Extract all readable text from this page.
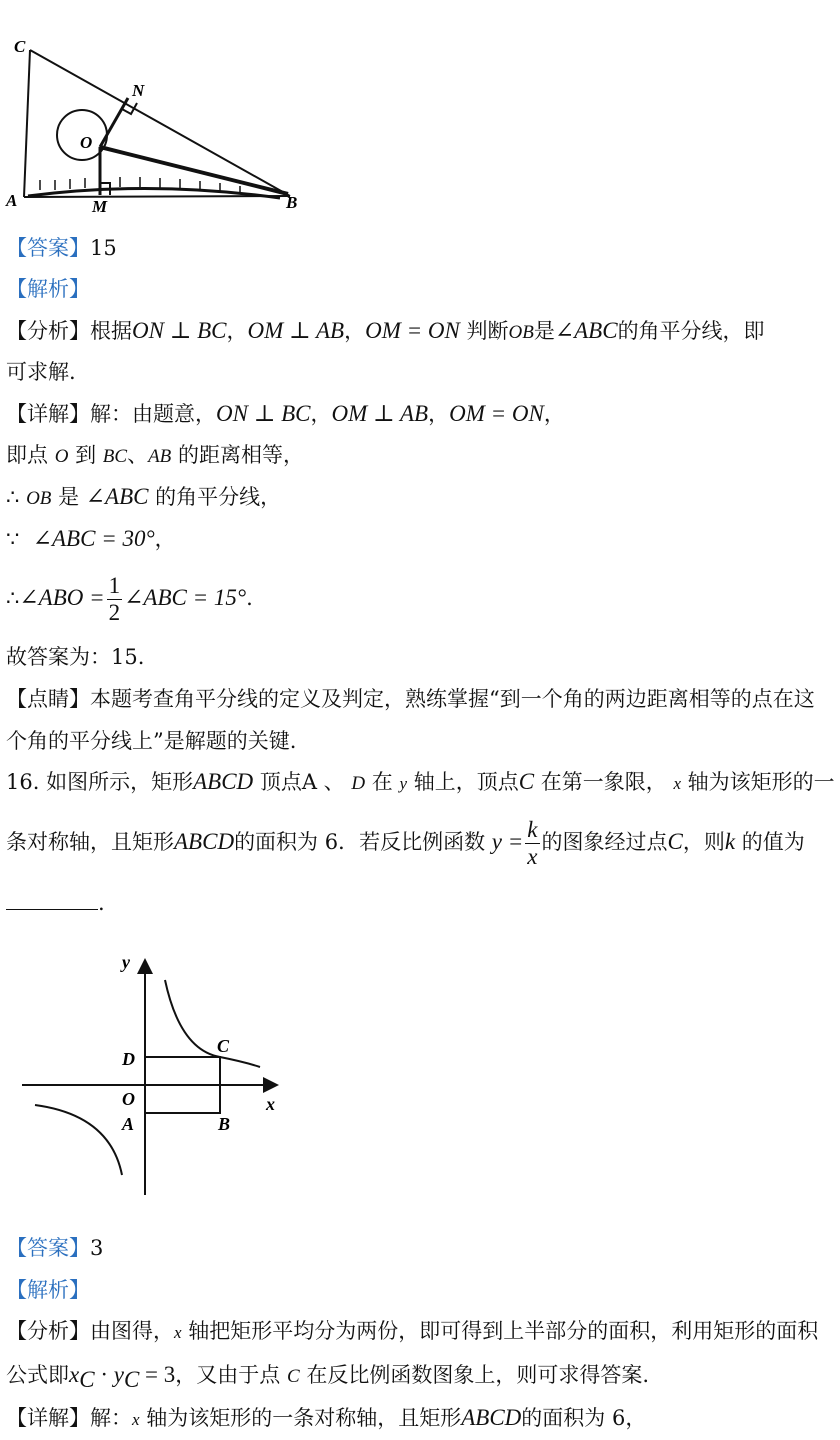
C
N
O
A	M	B
【答案】15
【解析】
【分析】根据ON ⊥ BC，OM ⊥ AB，OM = ON 判断OB是∠ABC的角平分线，即
可求解.
【详解】解：由题意，ON ⊥ BC，OM ⊥ AB，OM = ON，
即点 O 到 BC、AB 的距离相等，
∴ OB 是 ∠ABC 的角平分线，
∵ ∠ABC = 30°，
∴∠ABO = $\frac{1}{2}$ ∠ABC = 15°.
故答案为：15.
【点睛】本题考查角平分线的定义及判定，熟练掌握“到一个角的两边距离相等的点在这
个角的平分线上”是解题的关键.
16. 如图所示，矩形ABCD 顶点A 、 D 在 y 轴上，顶点C 在第一象限， x 轴为该矩形的一
条对称轴，且矩形ABCD的面积为 6．若反比例函数 $y = \frac{k}{x}$ 的图象经过点C，则k 的值为
.
y
x
D
C
O
A	B
【答案】3
【解析】
【分析】由图得，x 轴把矩形平均分为两份，即可得到上半部分的面积，利用矩形的面积
公式即$x_C \cdot y_C = 3$，又由于点 C 在反比例函数图象上，则可求得答案.
【详解】解：x 轴为该矩形的一条对称轴，且矩形ABCD的面积为 6，
